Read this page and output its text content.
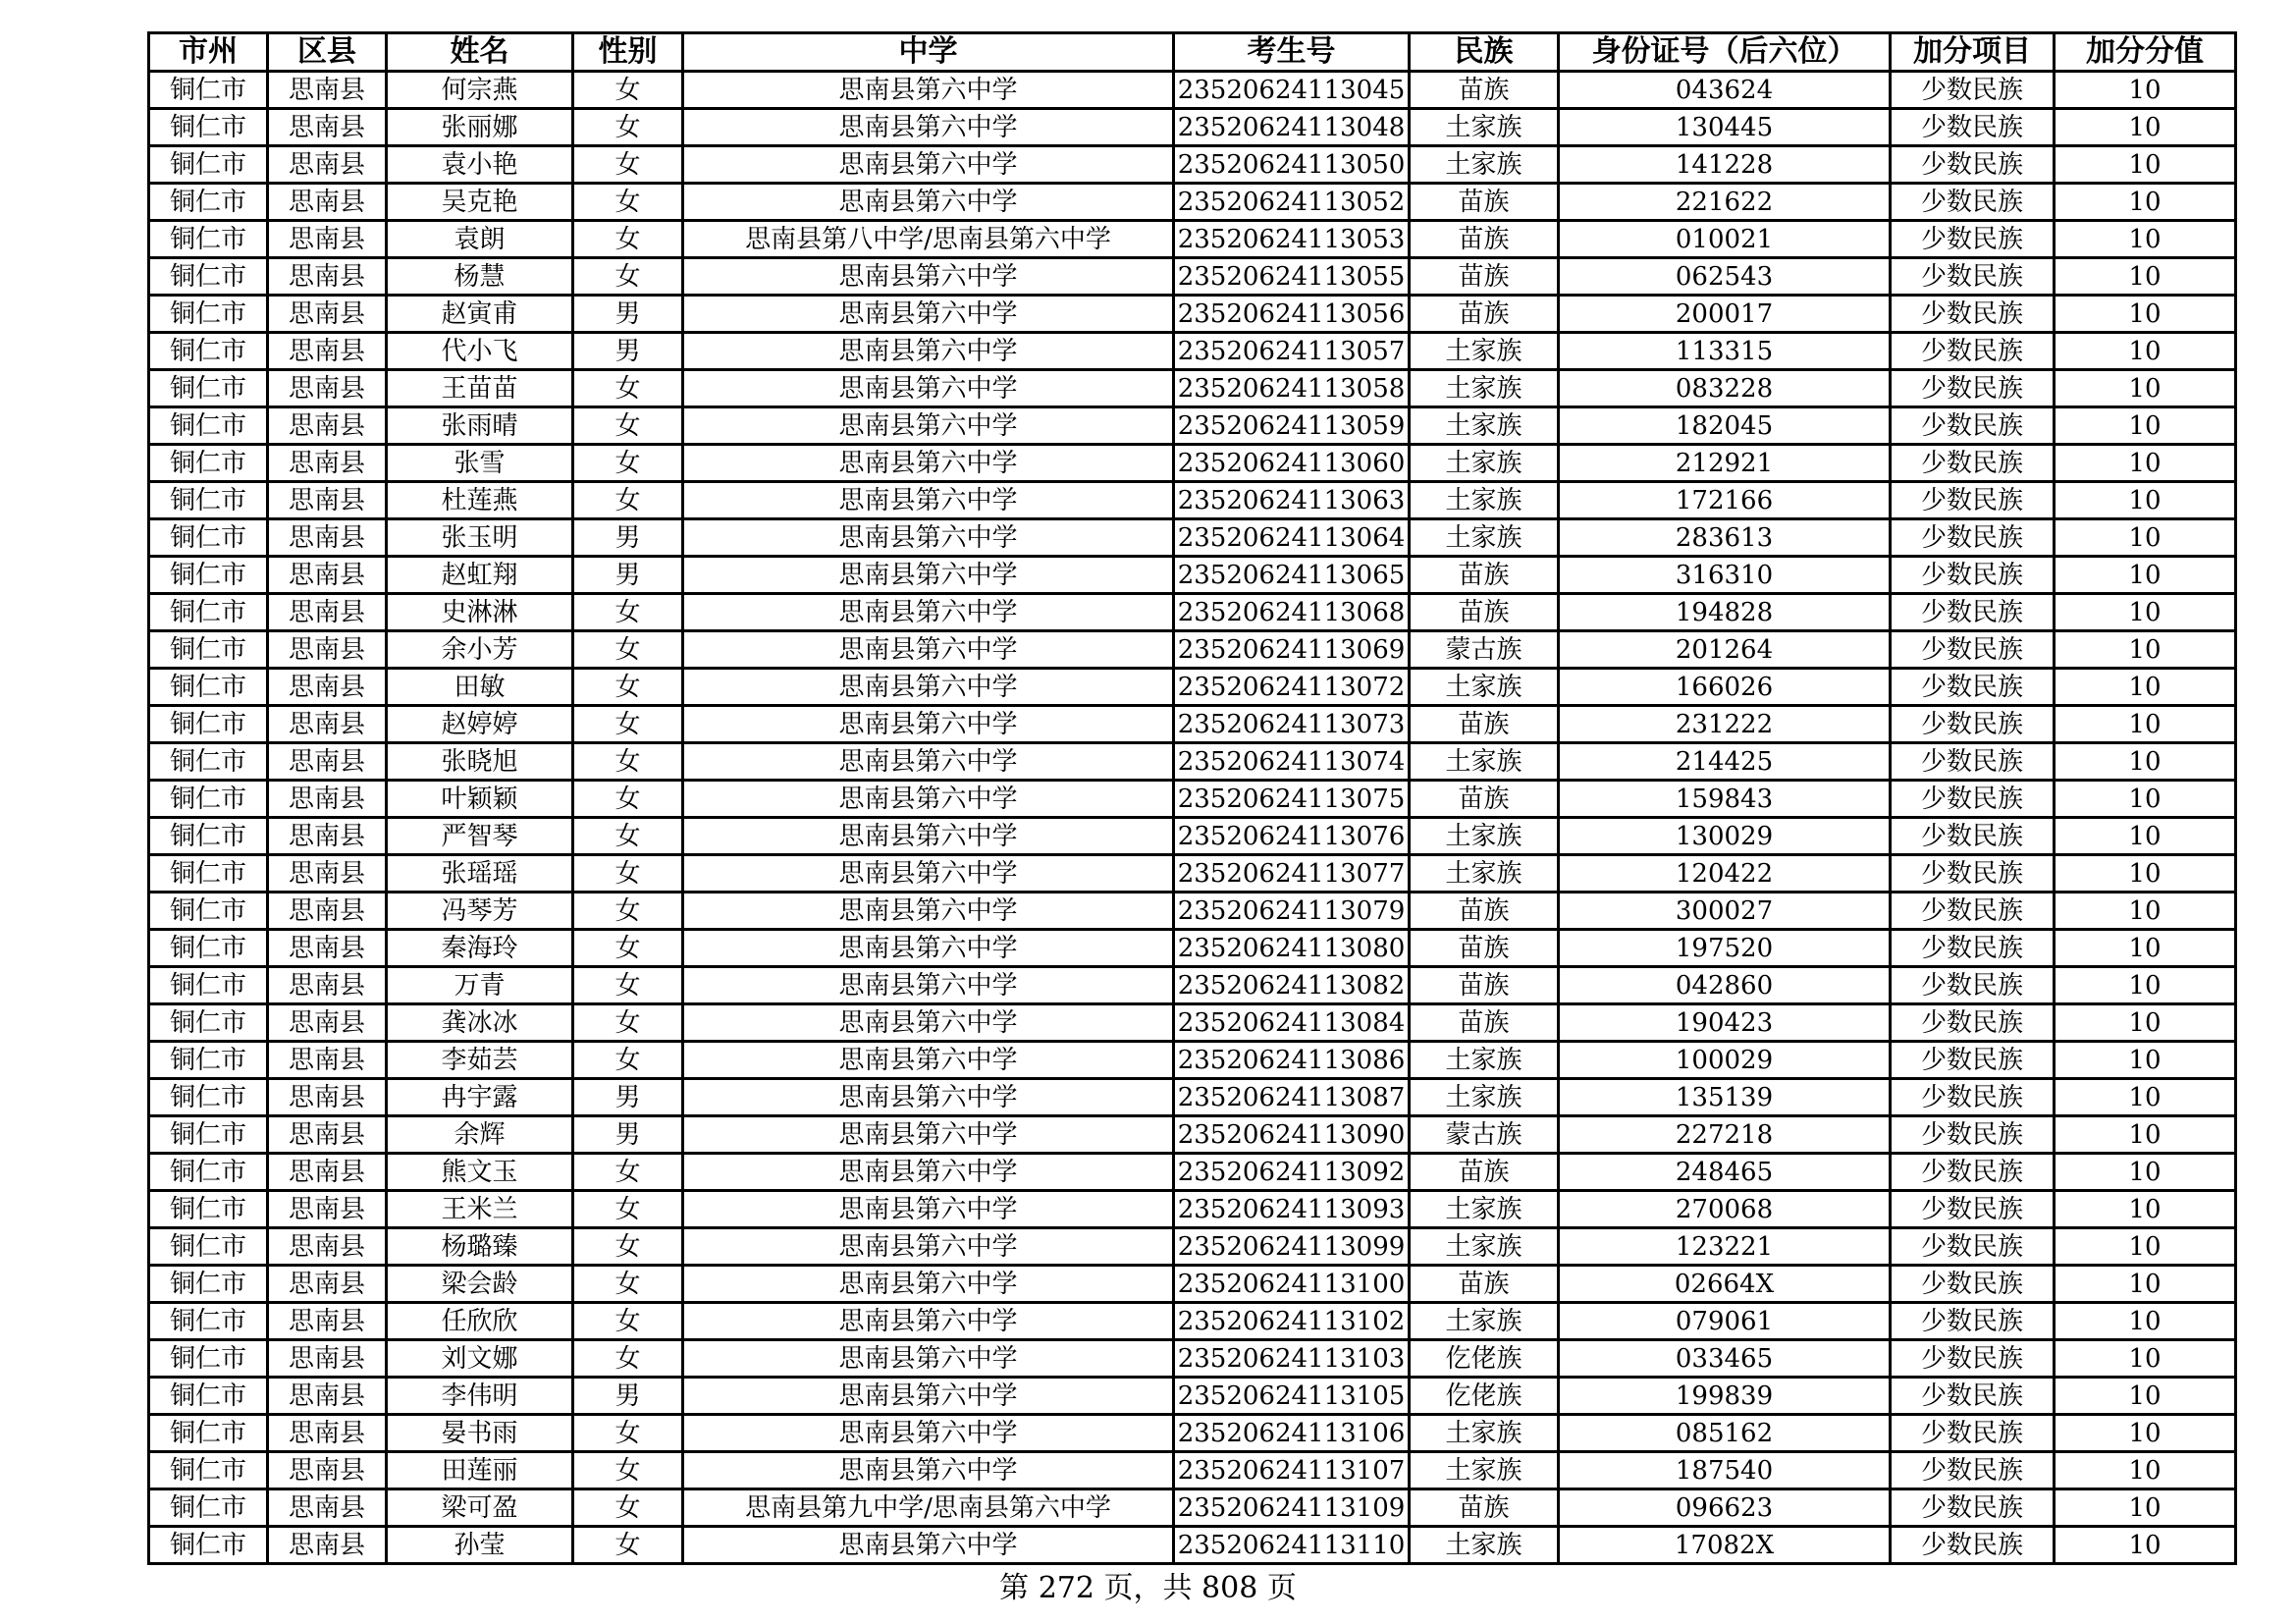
市州	区县	姓名	性别	中学	考生号	民族	身份证号（后六位）	加分项目	加分分值
铜仁市	思南县	何宗燕	女	思南县第六中学	23520624113045	苗族	043624	少数民族	10
铜仁市	思南县	张丽娜	女	思南县第六中学	23520624113048	土家族	130445	少数民族	10
铜仁市	思南县	袁小艳	女	思南县第六中学	23520624113050	土家族	141228	少数民族	10
铜仁市	思南县	吴克艳	女	思南县第六中学	23520624113052	苗族	221622	少数民族	10
铜仁市	思南县	袁朗	女	思南县第八中学/思南县第六中学	23520624113053	苗族	010021	少数民族	10
铜仁市	思南县	杨慧	女	思南县第六中学	23520624113055	苗族	062543	少数民族	10
铜仁市	思南县	赵寅甫	男	思南县第六中学	23520624113056	苗族	200017	少数民族	10
铜仁市	思南县	代小飞	男	思南县第六中学	23520624113057	土家族	113315	少数民族	10
铜仁市	思南县	王苗苗	女	思南县第六中学	23520624113058	土家族	083228	少数民族	10
铜仁市	思南县	张雨晴	女	思南县第六中学	23520624113059	土家族	182045	少数民族	10
铜仁市	思南县	张雪	女	思南县第六中学	23520624113060	土家族	212921	少数民族	10
铜仁市	思南县	杜莲燕	女	思南县第六中学	23520624113063	土家族	172166	少数民族	10
铜仁市	思南县	张玉明	男	思南县第六中学	23520624113064	土家族	283613	少数民族	10
铜仁市	思南县	赵虹翔	男	思南县第六中学	23520624113065	苗族	316310	少数民族	10
铜仁市	思南县	史淋淋	女	思南县第六中学	23520624113068	苗族	194828	少数民族	10
铜仁市	思南县	余小芳	女	思南县第六中学	23520624113069	蒙古族	201264	少数民族	10
铜仁市	思南县	田敏	女	思南县第六中学	23520624113072	土家族	166026	少数民族	10
铜仁市	思南县	赵婷婷	女	思南县第六中学	23520624113073	苗族	231222	少数民族	10
铜仁市	思南县	张晓旭	女	思南县第六中学	23520624113074	土家族	214425	少数民族	10
铜仁市	思南县	叶颖颖	女	思南县第六中学	23520624113075	苗族	159843	少数民族	10
铜仁市	思南县	严智琴	女	思南县第六中学	23520624113076	土家族	130029	少数民族	10
铜仁市	思南县	张瑶瑶	女	思南县第六中学	23520624113077	土家族	120422	少数民族	10
铜仁市	思南县	冯琴芳	女	思南县第六中学	23520624113079	苗族	300027	少数民族	10
铜仁市	思南县	秦海玲	女	思南县第六中学	23520624113080	苗族	197520	少数民族	10
铜仁市	思南县	万青	女	思南县第六中学	23520624113082	苗族	042860	少数民族	10
铜仁市	思南县	龚冰冰	女	思南县第六中学	23520624113084	苗族	190423	少数民族	10
铜仁市	思南县	李茹芸	女	思南县第六中学	23520624113086	土家族	100029	少数民族	10
铜仁市	思南县	冉宇露	男	思南县第六中学	23520624113087	土家族	135139	少数民族	10
铜仁市	思南县	余辉	男	思南县第六中学	23520624113090	蒙古族	227218	少数民族	10
铜仁市	思南县	熊文玉	女	思南县第六中学	23520624113092	苗族	248465	少数民族	10
铜仁市	思南县	王米兰	女	思南县第六中学	23520624113093	土家族	270068	少数民族	10
铜仁市	思南县	杨璐臻	女	思南县第六中学	23520624113099	土家族	123221	少数民族	10
铜仁市	思南县	梁会龄	女	思南县第六中学	23520624113100	苗族	02664X	少数民族	10
铜仁市	思南县	任欣欣	女	思南县第六中学	23520624113102	土家族	079061	少数民族	10
铜仁市	思南县	刘文娜	女	思南县第六中学	23520624113103	仡佬族	033465	少数民族	10
铜仁市	思南县	李伟明	男	思南县第六中学	23520624113105	仡佬族	199839	少数民族	10
铜仁市	思南县	晏书雨	女	思南县第六中学	23520624113106	土家族	085162	少数民族	10
铜仁市	思南县	田莲丽	女	思南县第六中学	23520624113107	土家族	187540	少数民族	10
铜仁市	思南县	梁可盈	女	思南县第九中学/思南县第六中学	23520624113109	苗族	096623	少数民族	10
铜仁市	思南县	孙莹	女	思南县第六中学	23520624113110	土家族	17082X	少数民族	10
第 272 页，共 808 页
